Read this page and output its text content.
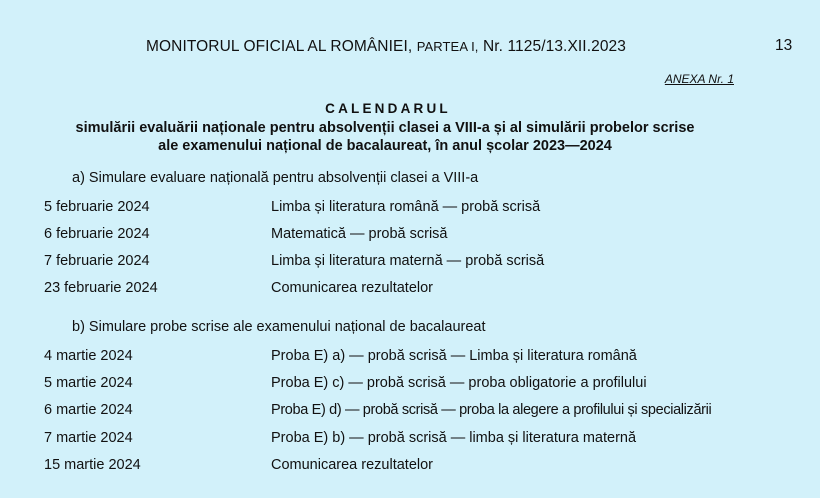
MONITORUL OFICIAL AL ROMÂNIEI, PARTEA I, Nr. 1125/13.XII.2023	13
ANEXA Nr. 1
CALENDARUL
simulării evaluării naționale pentru absolvenții clasei a VIII-a și al simulării probelor scrise
ale examenului național de bacalaureat, în anul școlar 2023—2024
a) Simulare evaluare națională pentru absolvenții clasei a VIII-a
5 februarie 2024	Limba și literatura română — probă scrisă
6 februarie 2024	Matematică — probă scrisă
7 februarie 2024	Limba și literatura maternă — probă scrisă
23 februarie 2024	Comunicarea rezultatelor
b) Simulare probe scrise ale examenului național de bacalaureat
4 martie 2024	Proba E) a) — probă scrisă — Limba și literatura română
5 martie 2024	Proba E) c) — probă scrisă — proba obligatorie a profilului
6 martie 2024	Proba E) d) — probă scrisă — proba la alegere a profilului și specializării
7 martie 2024	Proba E) b) — probă scrisă — limba și literatura maternă
15 martie 2024	Comunicarea rezultatelor
